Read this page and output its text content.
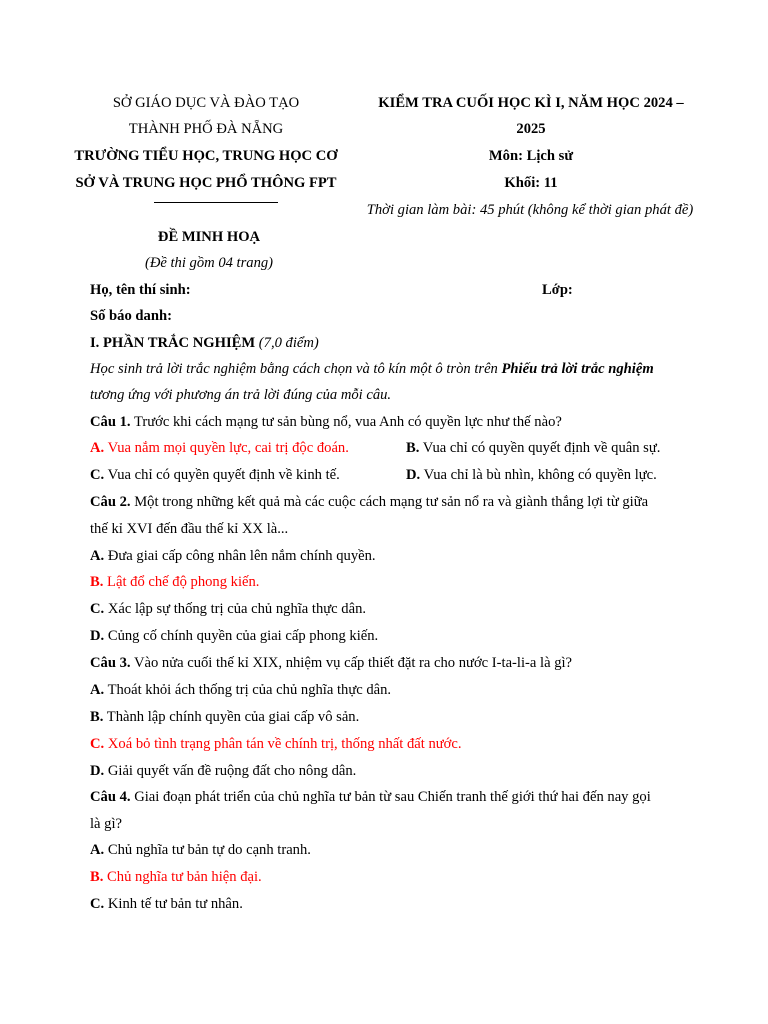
SỞ GIÁO DỤC VÀ ĐÀO TẠO
THÀNH PHỐ ĐÀ NẴNG
TRƯỜNG TIỂU HỌC, TRUNG HỌC CƠ
SỞ VÀ TRUNG HỌC PHỔ THÔNG FPT
ĐỀ MINH HOẠ
(Đề thi gồm 04 trang)
KIỂM TRA CUỐI HỌC KÌ I, NĂM HỌC 2024 –
2025
Môn: Lịch sử
Khối: 11
Thời gian làm bài: 45 phút (không kể thời gian phát đề)
Họ, tên thí sinh:	Lớp:
Số báo danh:
I. PHẦN TRẮC NGHIỆM (7,0 điểm)
Học sinh trả lời trắc nghiệm bằng cách chọn và tô kín một ô tròn trên Phiếu trả lời trắc nghiệm
tương ứng với phương án trả lời đúng của mỗi câu.
Câu 1. Trước khi cách mạng tư sản bùng nổ, vua Anh có quyền lực như thế nào?
A. Vua nắm mọi quyền lực, cai trị độc đoán.	B. Vua chỉ có quyền quyết định về quân sự.
C. Vua chỉ có quyền quyết định về kinh tế.	D. Vua chỉ là bù nhìn, không có quyền lực.
Câu 2. Một trong những kết quả mà các cuộc cách mạng tư sản nổ ra và giành thắng lợi từ giữa
thế kỉ XVI đến đầu thế kỉ XX là...
A. Đưa giai cấp công nhân lên nắm chính quyền.
B. Lật đổ chế độ phong kiến.
C. Xác lập sự thống trị của chủ nghĩa thực dân.
D. Củng cố chính quyền của giai cấp phong kiến.
Câu 3. Vào nửa cuối thế kỉ XIX, nhiệm vụ cấp thiết đặt ra cho nước I-ta-li-a là gì?
A. Thoát khỏi ách thống trị của chủ nghĩa thực dân.
B. Thành lập chính quyền của giai cấp vô sản.
C. Xoá bỏ tình trạng phân tán về chính trị, thống nhất đất nước.
D. Giải quyết vấn đề ruộng đất cho nông dân.
Câu 4. Giai đoạn phát triển của chủ nghĩa tư bản từ sau Chiến tranh thế giới thứ hai đến nay gọi
là gì?
A. Chủ nghĩa tư bản tự do cạnh tranh.
B. Chủ nghĩa tư bản hiện đại.
C. Kinh tế tư bản tư nhân.
